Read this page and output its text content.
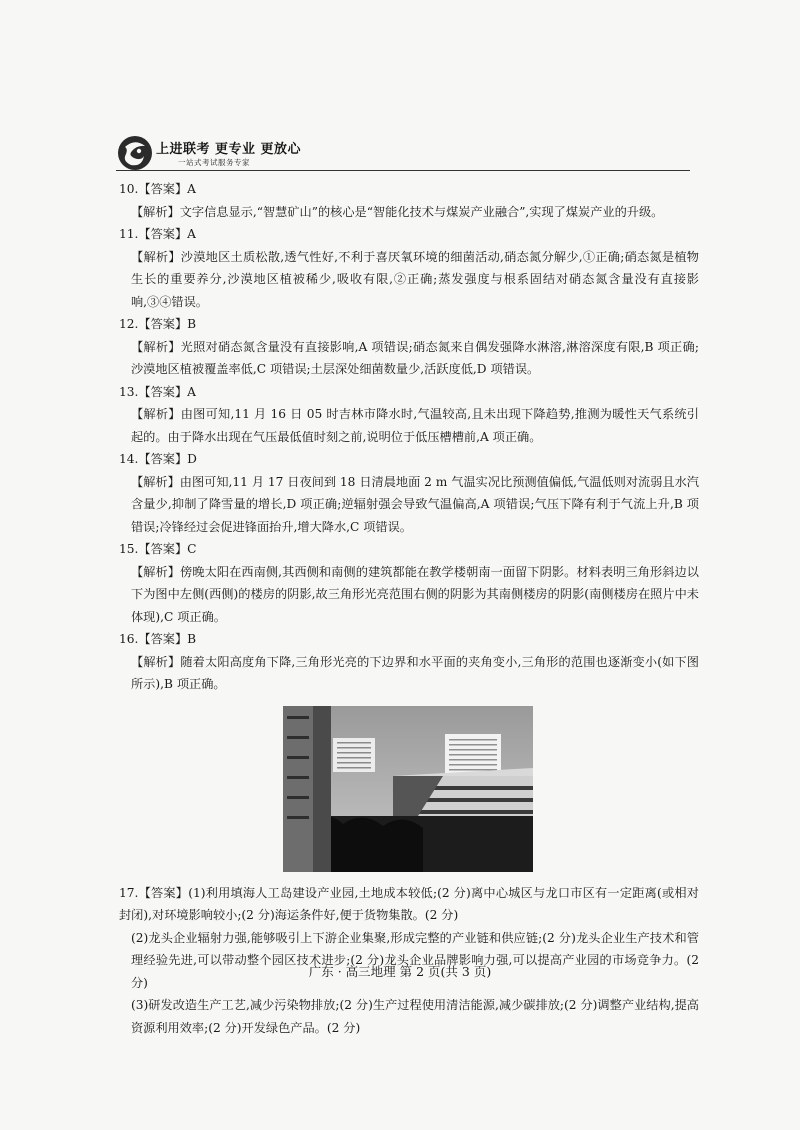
上进联考 更专业 更放心
一站式考试服务专家

10.【答案】A

【解析】文字信息显示,“智慧矿山”的核心是“智能化技术与煤炭产业融合”,实现了煤炭产业的升级。

11.【答案】A

【解析】沙漠地区土质松散,透气性好,不利于喜厌氧环境的细菌活动,硝态氮分解少,①正确;硝态氮是植物生长的重要养分,沙漠地区植被稀少,吸收有限,②正确;蒸发强度与根系固结对硝态氮含量没有直接影响,③④错误。

12.【答案】B

【解析】光照对硝态氮含量没有直接影响,A 项错误;硝态氮来自偶发强降水淋溶,淋溶深度有限,B 项正确;沙漠地区植被覆盖率低,C 项错误;土层深处细菌数量少,活跃度低,D 项错误。

13.【答案】A

【解析】由图可知,11 月 16 日 05 时吉林市降水时,气温较高,且未出现下降趋势,推测为暖性天气系统引起的。由于降水出现在气压最低值时刻之前,说明位于低压槽槽前,A 项正确。

14.【答案】D

【解析】由图可知,11 月 17 日夜间到 18 日清晨地面 2 m 气温实况比预测值偏低,气温低则对流弱且水汽含量少,抑制了降雪量的增长,D 项正确;逆辐射强会导致气温偏高,A 项错误;气压下降有利于气流上升,B 项错误;冷锋经过会促进锋面抬升,增大降水,C 项错误。

15.【答案】C

【解析】傍晚太阳在西南侧,其西侧和南侧的建筑都能在教学楼朝南一面留下阴影。材料表明三角形斜边以下为图中左侧(西侧)的楼房的阴影,故三角形光亮范围右侧的阴影为其南侧楼房的阴影(南侧楼房在照片中未体现),C 项正确。

16.【答案】B

【解析】随着太阳高度角下降,三角形光亮的下边界和水平面的夹角变小,三角形的范围也逐渐变小(如下图所示),B 项正确。

17.【答案】(1)利用填海人工岛建设产业园,土地成本较低;(2 分)离中心城区与龙口市区有一定距离(或相对封闭),对环境影响较小;(2 分)海运条件好,便于货物集散。(2 分)

(2)龙头企业辐射力强,能够吸引上下游企业集聚,形成完整的产业链和供应链;(2 分)龙头企业生产技术和管理经验先进,可以带动整个园区技术进步;(2 分)龙头企业品牌影响力强,可以提高产业园的市场竞争力。(2 分)

(3)研发改造生产工艺,减少污染物排放;(2 分)生产过程使用清洁能源,减少碳排放;(2 分)调整产业结构,提高资源利用效率;(2 分)开发绿色产品。(2 分)

广东 · 高三地理 第 2 页(共 3 页)
